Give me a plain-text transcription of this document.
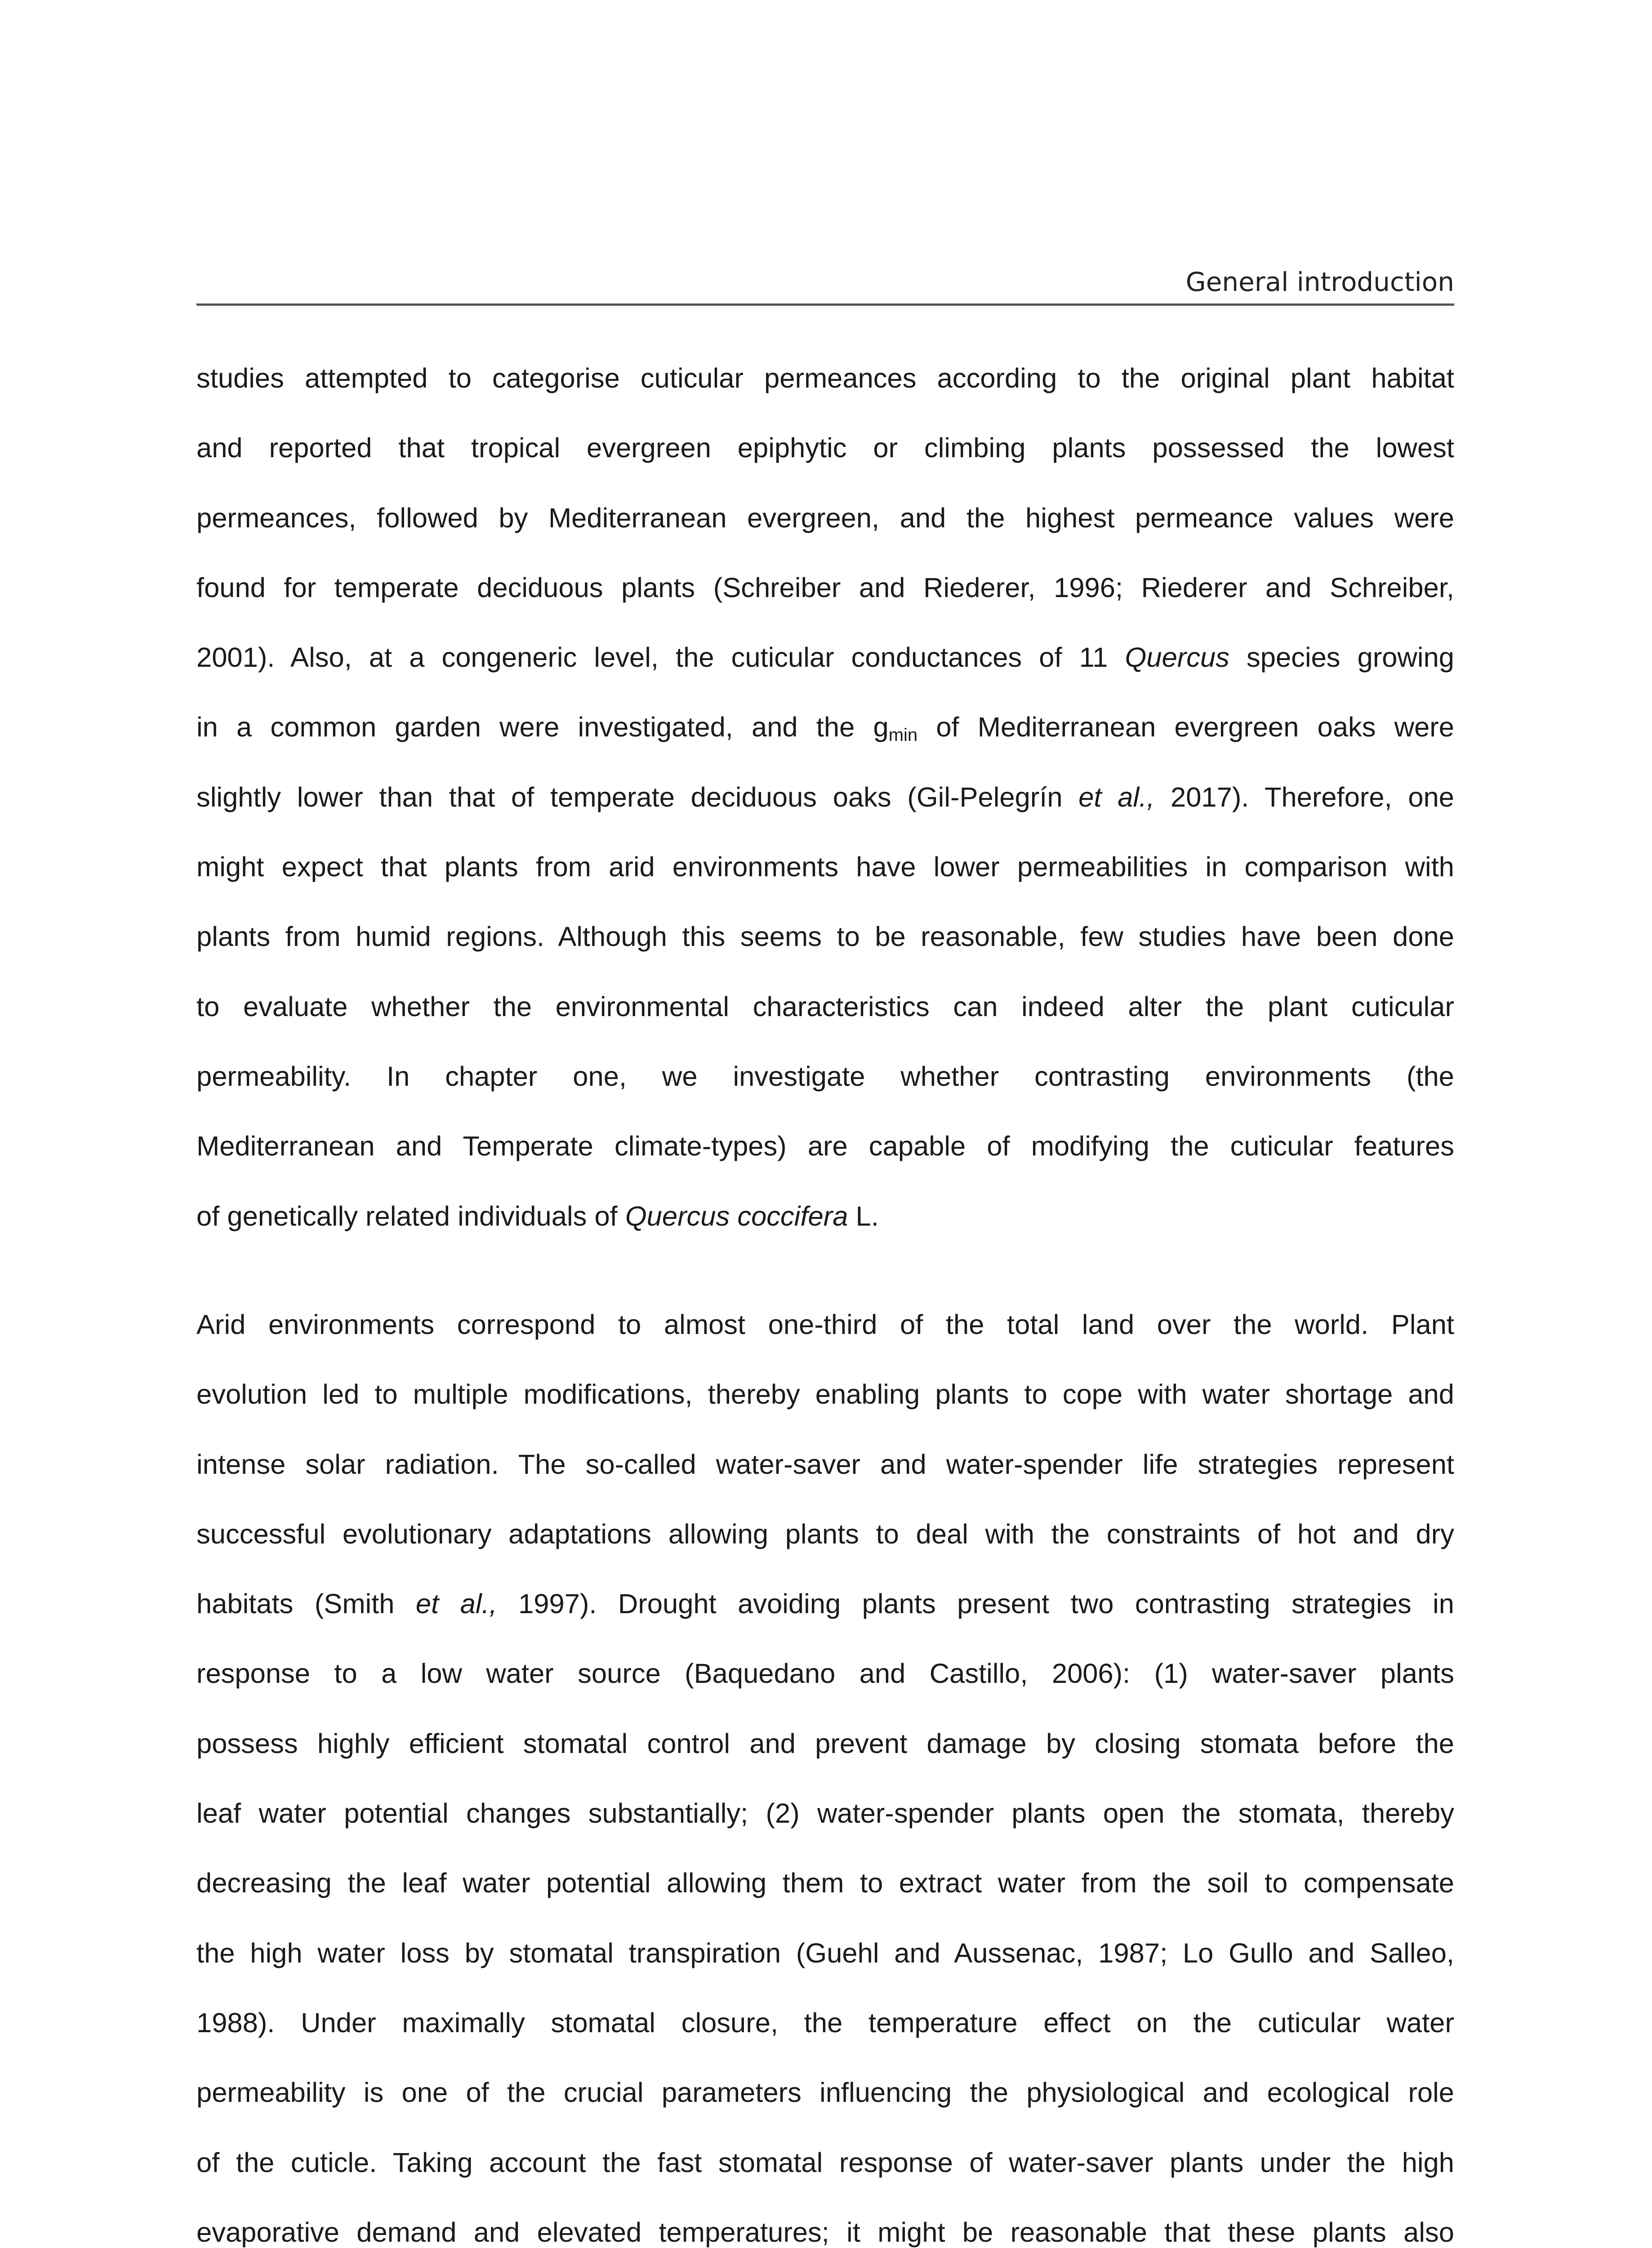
General introduction
studies attempted to categorise cuticular permeances according to the original plant habitat
and reported that tropical evergreen epiphytic or climbing plants possessed the lowest
permeances, followed by Mediterranean evergreen, and the highest permeance values were
found for temperate deciduous plants (Schreiber and Riederer, 1996; Riederer and Schreiber,
2001). Also, at a congeneric level, the cuticular conductances of 11 Quercus species growing
in a common garden were investigated, and the $g_{min}$ of Mediterranean evergreen oaks were
slightly lower than that of temperate deciduous oaks (Gil-Pelegrín et al., 2017). Therefore, one
might expect that plants from arid environments have lower permeabilities in comparison with
plants from humid regions. Although this seems to be reasonable, few studies have been done
to evaluate whether the environmental characteristics can indeed alter the plant cuticular
permeability. In chapter one, we investigate whether contrasting environments (the
Mediterranean and Temperate climate-types) are capable of modifying the cuticular features
of genetically related individuals of Quercus coccifera L.
Arid environments correspond to almost one-third of the total land over the world. Plant
evolution led to multiple modifications, thereby enabling plants to cope with water shortage and
intense solar radiation. The so-called water-saver and water-spender life strategies represent
successful evolutionary adaptations allowing plants to deal with the constraints of hot and dry
habitats (Smith et al., 1997). Drought avoiding plants present two contrasting strategies in
response to a low water source (Baquedano and Castillo, 2006): (1) water-saver plants
possess highly efficient stomatal control and prevent damage by closing stomata before the
leaf water potential changes substantially; (2) water-spender plants open the stomata, thereby
decreasing the leaf water potential allowing them to extract water from the soil to compensate
the high water loss by stomatal transpiration (Guehl and Aussenac, 1987; Lo Gullo and Salleo,
1988). Under maximally stomatal closure, the temperature effect on the cuticular water
permeability is one of the crucial parameters influencing the physiological and ecological role
of the cuticle. Taking account the fast stomatal response of water-saver plants under the high
evaporative demand and elevated temperatures; it might be reasonable that these plants also
